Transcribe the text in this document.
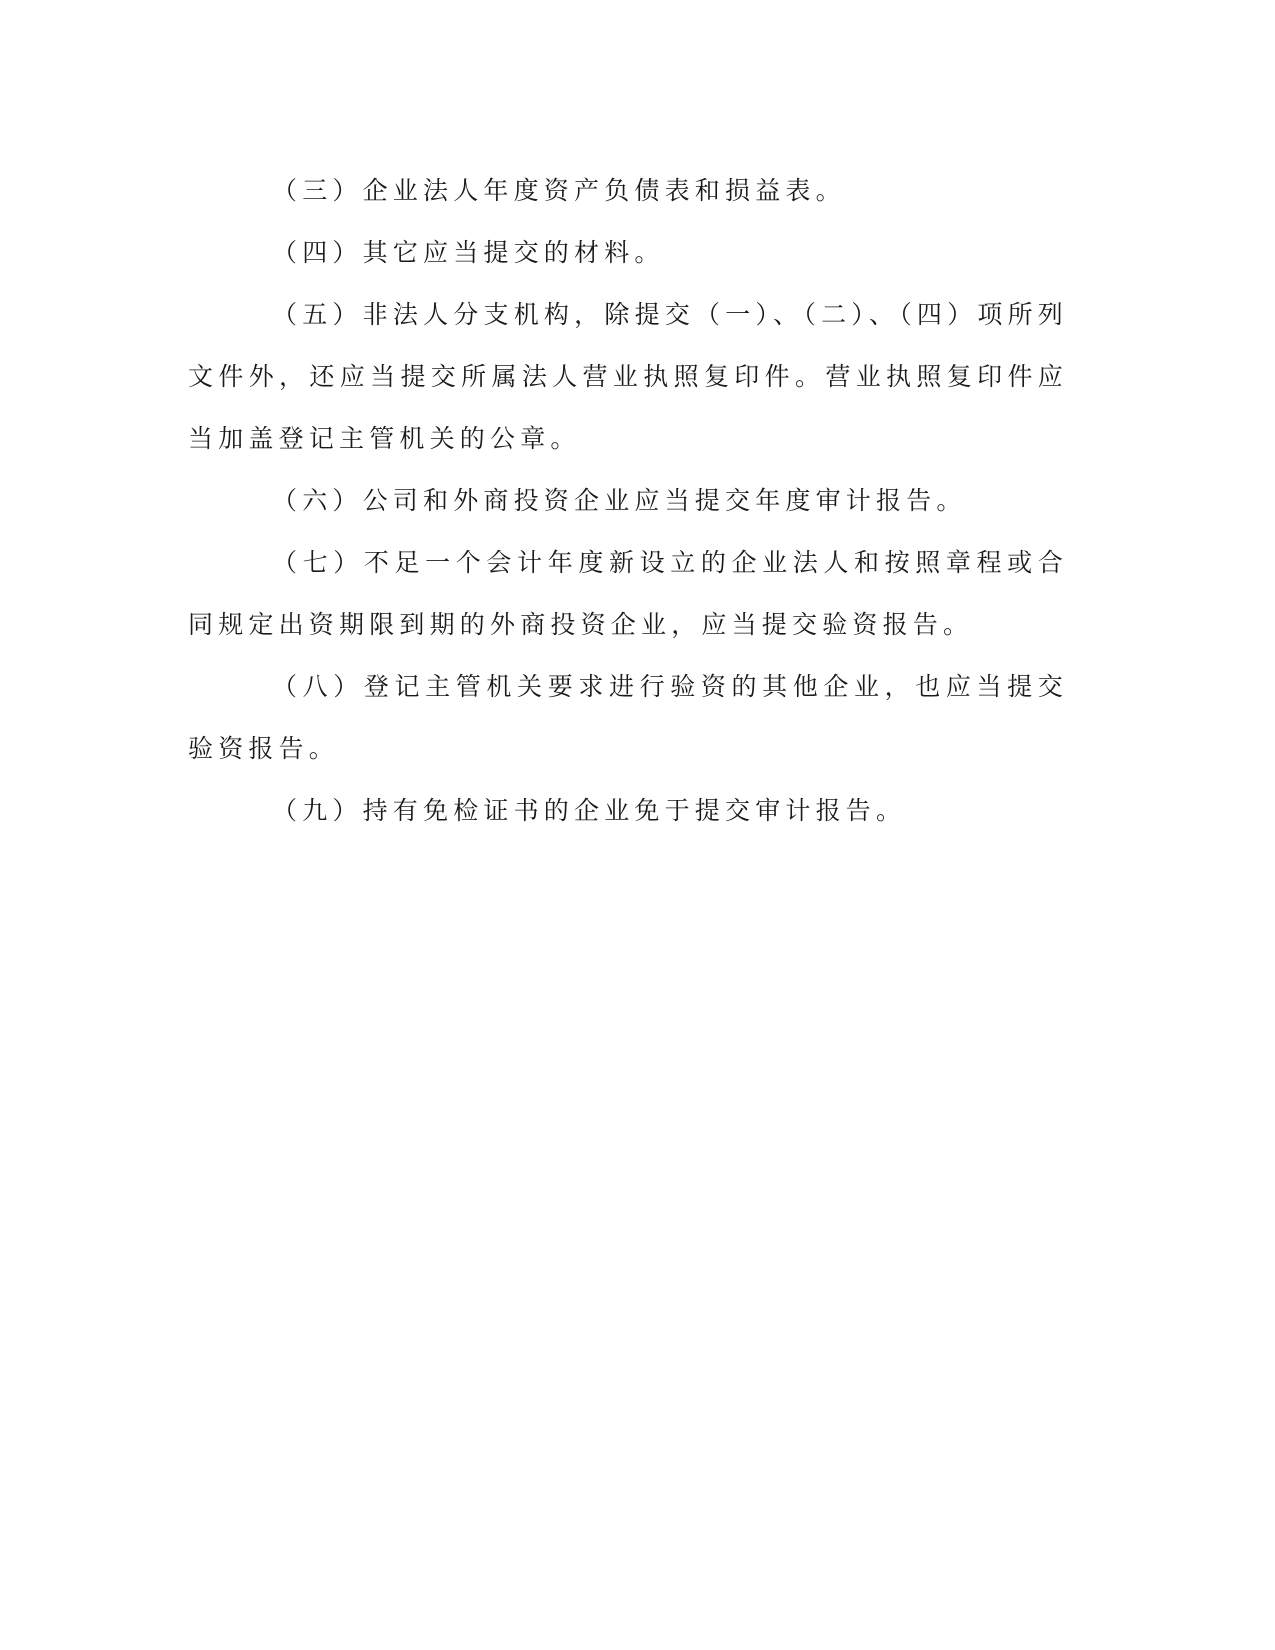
（三）企业法人年度资产负债表和损益表。

（四）其它应当提交的材料。

（五）非法人分支机构，除提交（一）、（二）、（四）项所列文件外，还应当提交所属法人营业执照复印件。营业执照复印件应当加盖登记主管机关的公章。

（六）公司和外商投资企业应当提交年度审计报告。

（七）不足一个会计年度新设立的企业法人和按照章程或合同规定出资期限到期的外商投资企业，应当提交验资报告。

（八）登记主管机关要求进行验资的其他企业，也应当提交验资报告。

（九）持有免检证书的企业免于提交审计报告。
